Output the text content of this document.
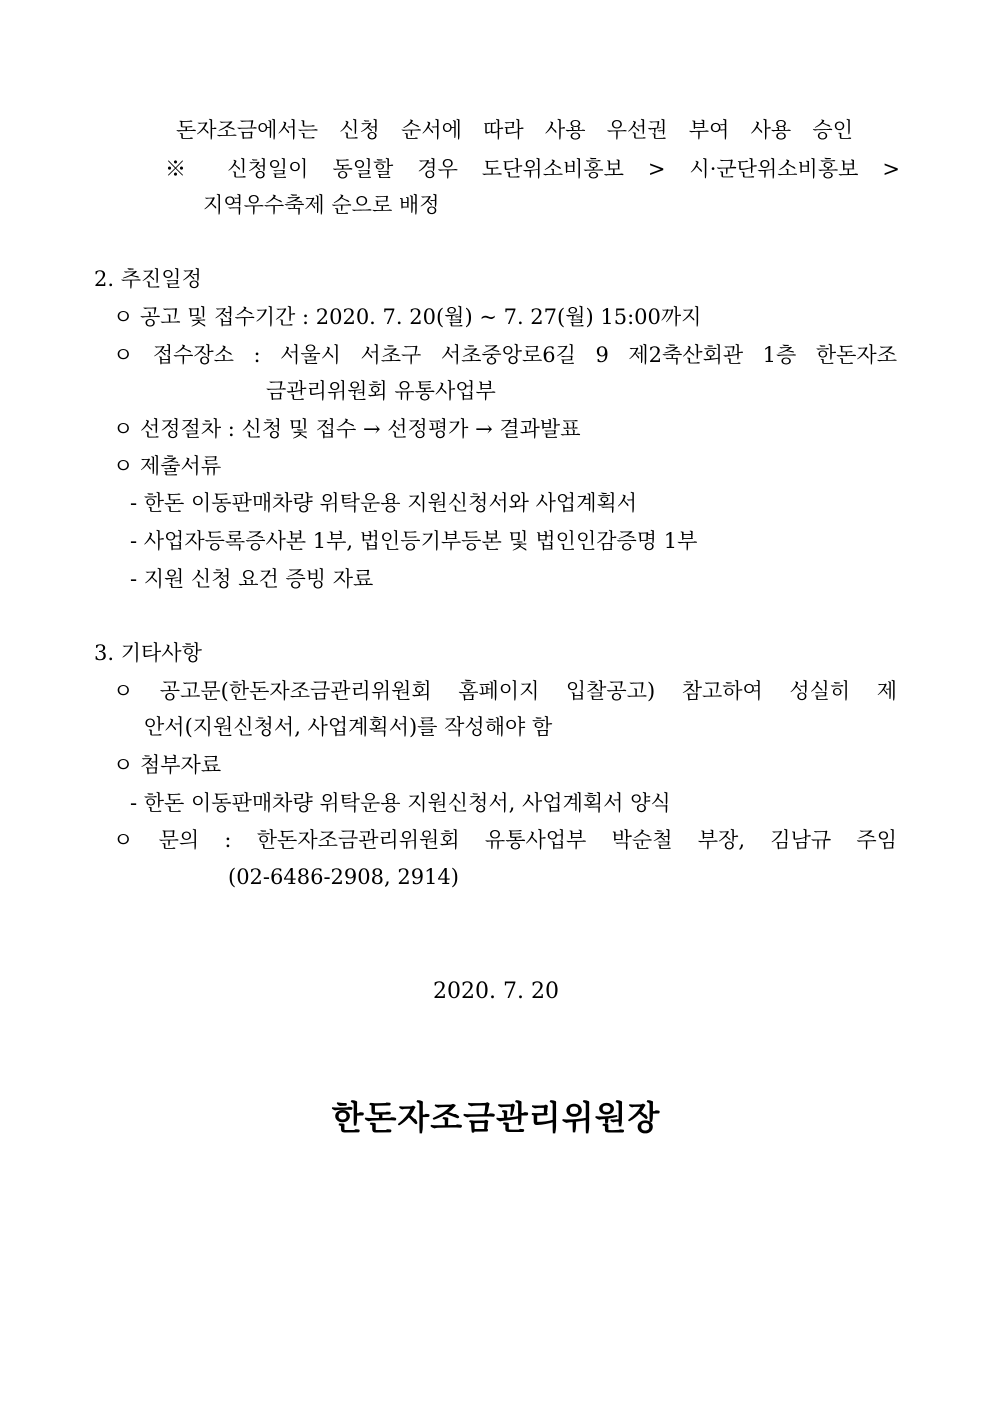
돈자조금에서는 신청 순서에 따라 사용 우선권 부여 사용 승인
※ 신청일이 동일할 경우 도단위소비홍보 > 시·군단위소비홍보 >
지역우수축제 순으로 배정
2. 추진일정
ㅇ 공고 및 접수기간 : 2020. 7. 20(월) ~ 7. 27(월) 15:00까지
ㅇ 접수장소 : 서울시 서초구 서초중앙로6길 9 제2축산회관 1층 한돈자조
금관리위원회 유통사업부
ㅇ 선정절차 : 신청 및 접수 → 선정평가 → 결과발표
ㅇ 제출서류
- 한돈 이동판매차량 위탁운용 지원신청서와 사업계획서
- 사업자등록증사본 1부, 법인등기부등본 및 법인인감증명 1부
- 지원 신청 요건 증빙 자료
3. 기타사항
ㅇ 공고문(한돈자조금관리위원회 홈페이지 입찰공고) 참고하여 성실히 제
안서(지원신청서, 사업계획서)를 작성해야 함
ㅇ 첨부자료
- 한돈 이동판매차량 위탁운용 지원신청서, 사업계획서 양식
ㅇ 문의 : 한돈자조금관리위원회 유통사업부 박순철 부장, 김남규 주임
(02-6486-2908, 2914)
2020. 7. 20
한돈자조금관리위원장
